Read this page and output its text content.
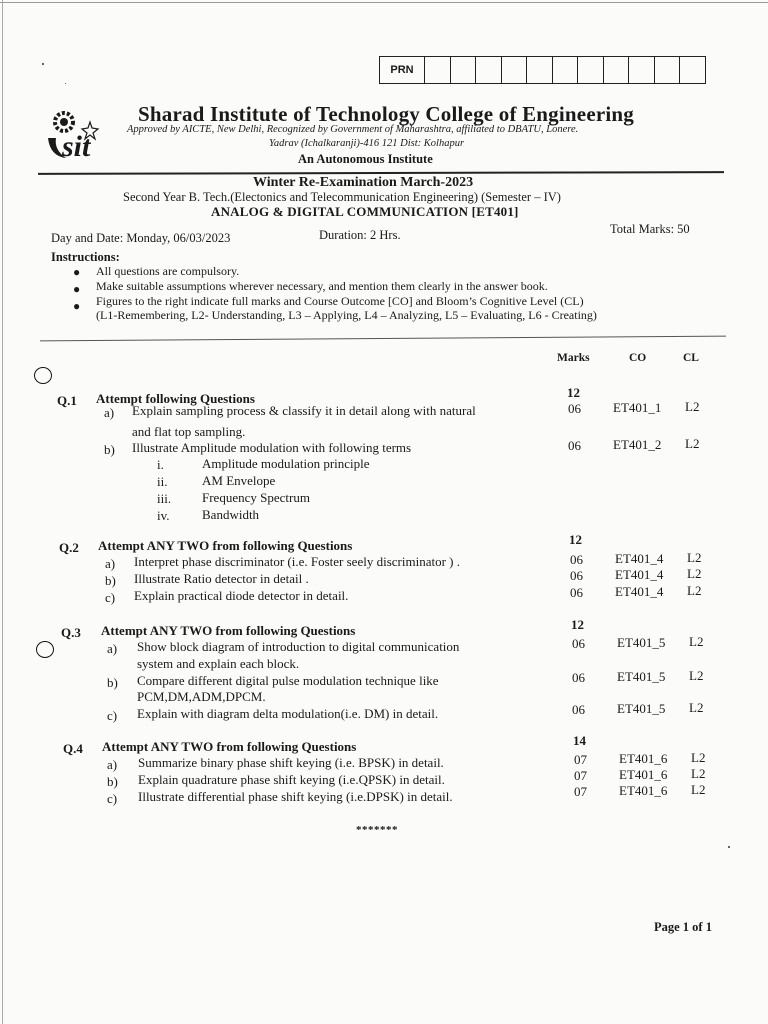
PRN
sit
Sharad Institute of Technology College of Engineering
Approved by AICTE, New Delhi, Recognized by Government of Maharashtra, affiliated to DBATU, Lonere.
Yadrav (Ichalkaranji)-416 121 Dist: Kolhapur
An Autonomous Institute
Winter Re-Examination March-2023
Second Year B. Tech.(Electonics and Telecommunication Engineering) (Semester – IV)
ANALOG & DIGITAL COMMUNICATION [ET401]
Day and Date: Monday, 06/03/2023	Duration: 2 Hrs.	Total Marks: 50
Instructions:
● All questions are compulsory.
● Make suitable assumptions wherever necessary, and mention them clearly in the answer book.
● Figures to the right indicate full marks and Course Outcome [CO] and Bloom’s Cognitive Level (CL)
(L1-Remembering, L2- Understanding, L3 – Applying, L4 – Analyzing, L5 – Evaluating, L6 - Creating)
Marks	CO	CL
Q.1 Attempt following Questions	12
a) Explain sampling process & classify it in detail along with natural
and flat top sampling.
06 ET401_1 L2
b) Illustrate Amplitude modulation with following terms	06 ET401_2 L2
i.	Amplitude modulation principle
ii.	AM Envelope
iii. Frequency Spectrum
iv. Bandwidth
Q.2 Attempt ANY TWO from following Questions	12
a) Interpret phase discriminator (i.e. Foster seely discriminator ) .	06 ET401_4 L2
b) Illustrate Ratio detector in detail .	06 ET401_4 L2
c) Explain practical diode detector in detail.	06 ET401_4 L2
Q.3 Attempt ANY TWO from following Questions	12
a) Show block diagram of introduction to digital communication
system and explain each block.
06 ET401_5 L2
b) Compare different digital pulse modulation technique like
PCM,DM,ADM,DPCM.
06 ET401_5 L2
c) Explain with diagram delta modulation(i.e. DM) in detail.	06 ET401_5 L2
Q.4 Attempt ANY TWO from following Questions	14
a) Summarize binary phase shift keying (i.e. BPSK) in detail.	07 ET401_6 L2
b) Explain quadrature phase shift keying (i.e.QPSK) in detail.	07 ET401_6 L2
c) Illustrate differential phase shift keying (i.e.DPSK) in detail.	07 ET401_6 L2
*******
Page 1 of 1
